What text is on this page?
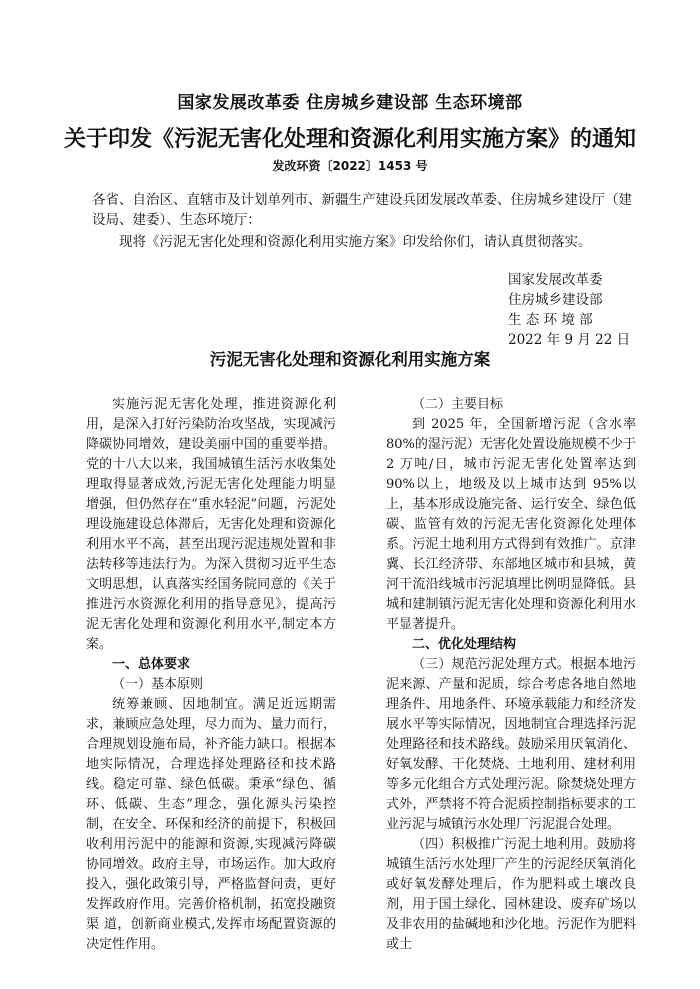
国家发展改革委 住房城乡建设部 生态环境部
关于印发《污泥无害化处理和资源化利用实施方案》的通知
发改环资〔2022〕1453 号
各省、自治区、直辖市及计划单列市、新疆生产建设兵团发展改革委、住房城乡建设厅（建设局、建委）、生态环境厅：
现将《污泥无害化处理和资源化利用实施方案》印发给你们，请认真贯彻落实。
国家发展改革委
住房城乡建设部
生 态 环 境 部
2022 年 9 月 22 日
污泥无害化处理和资源化利用实施方案

实施污泥无害化处理，推进资源化利用，是深入打好污染防治攻坚战，实现减污降碳协同增效，建设美丽中国的重要举措。党的十八大以来，我国城镇生活污水收集处理取得显著成效,污泥无害化处理能力明显增强，但仍然存在“重水轻泥”问题，污泥处理设施建设总体滞后，无害化处理和资源化利用水平不高，甚至出现污泥违规处置和非法转移等违法行为。为深入贯彻习近平生态文明思想，认真落实经国务院同意的《关于推进污水资源化利用的指导意见》，提高污泥无害化处理和资源化利用水平,制定本方案。

一、总体要求

（一）基本原则

统筹兼顾、因地制宜。满足近远期需求，兼顾应急处理，尽力而为、量力而行，合理规划设施布局，补齐能力缺口。根据本地实际情况，合理选择处理路径和技术路线。稳定可靠、绿色低碳。秉承“绿色、循环、低碳、生态”理念，强化源头污染控制，在安全、环保和经济的前提下，积极回收利用污泥中的能源和资源,实现减污降碳协同增效。政府主导，市场运作。加大政府投入，强化政策引导，严格监督问责，更好发挥政府作用。完善价格机制，拓宽投融资渠 道，创新商业模式,发挥市场配置资源的决定性作用。

（二）主要目标

到 2025 年，全国新增污泥（含水率 80%的湿污泥）无害化处置设施规模不少于 2 万吨/日，城市污泥无害化处置率达到 90%以上，地级及以上城市达到 95%以上，基本形成设施完备、运行安全、绿色低碳、监管有效的污泥无害化资源化处理体系。污泥土地利用方式得到有效推广。京津冀、长江经济带、东部地区城市和县城，黄河干流沿线城市污泥填埋比例明显降低。县城和建制镇污泥无害化处理和资源化利用水平显著提升。

二、优化处理结构

（三）规范污泥处理方式。根据本地污泥来源、产量和泥质，综合考虑各地自然地理条件、用地条件、环境承载能力和经济发展水平等实际情况，因地制宜合理选择污泥处理路径和技术路线。鼓励采用厌氧消化、好氧发酵、干化焚烧、土地利用、建材利用等多元化组合方式处理污泥。除焚烧处理方式外，严禁将不符合泥质控制指标要求的工业污泥与城镇污水处理厂污泥混合处理。

（四）积极推广污泥土地利用。鼓励将城镇生活污水处理厂产生的污泥经厌氧消化或好氧发酵处理后，作为肥料或土壤改良剂，用于国土绿化、园林建设、废弃矿场以及非农用的盐碱地和沙化地。污泥作为肥料或土
